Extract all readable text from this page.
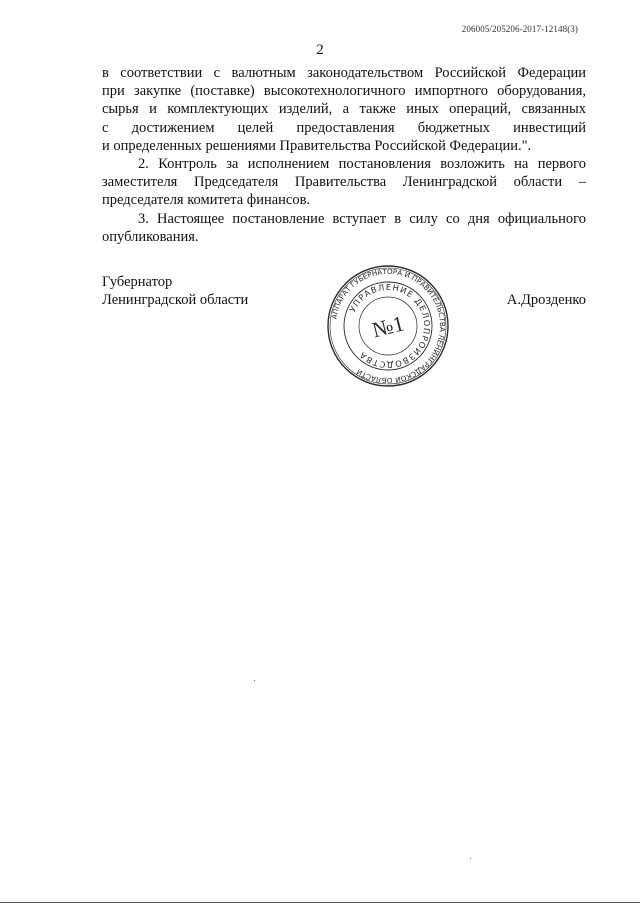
206005/205206-2017-12148(3)
2
в соответствии с валютным законодательством Российской Федерации
при закупке (поставке) высокотехнологичного импортного оборудования,
сырья и комплектующих изделий, а также иных операций, связанных
с достижением целей предоставления бюджетных инвестиций
и определенных решениями Правительства Российской Федерации.".
2. Контроль за исполнением постановления возложить на первого
заместителя Председателя Правительства Ленинградской области –
председателя комитета финансов.
3. Настоящее постановление вступает в силу со дня официального
опубликования.
Губернатор
Ленинградской области	А.Дрозденко
АППАРАТ ГУБЕРНАТОРА И ПРАВИТЕЛЬСТВА ЛЕНИНГРАДСКОЙ ОБЛАСТИ
УПРАВЛЕНИЕ ДЕЛОПРОИЗВОДСТВА
№1
